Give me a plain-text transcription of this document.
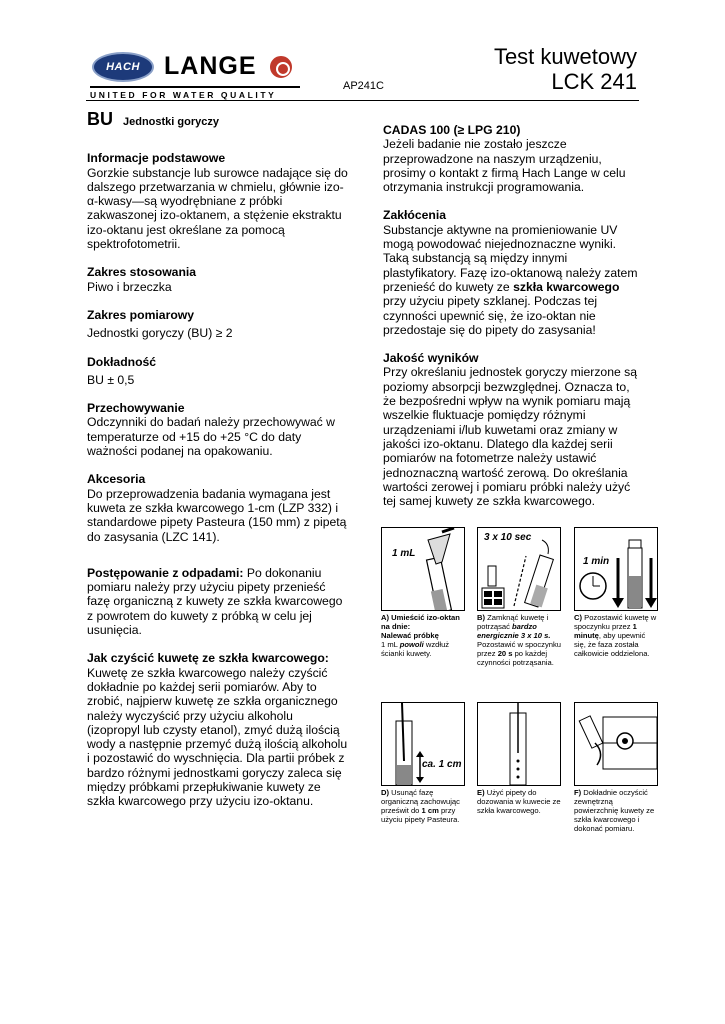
HACH LANGE
UNITED FOR WATER QUALITY
AP241C
Test kuwetowy
LCK 241
BU Jednostki goryczy
Informacje podstawowe

Gorzkie substancje lub surowce nadające się do dalszego przetwarzania w chmielu, głównie izo-α-kwasy—są wyodrębniane z próbki zakwaszonej izo-oktanem, a stężenie ekstraktu izo-oktanu jest określane za pomocą spektrofotometrii.

Zakres stosowania

Piwo i brzeczka

Zakres pomiarowy

Jednostki goryczy (BU) ≥ 2

Dokładność

BU ± 0,5

Przechowywanie

Odczynniki do badań należy przechowywać w temperaturze od +15 do +25 °C do daty ważności podanej na opakowaniu.

Akcesoria

Do przeprowadzenia badania wymagana jest kuweta ze szkła kwarcowego 1-cm (LZP 332) i standardowe pipety Pasteura (150 mm) z pipetą do zasysania (LZC 141).

Postępowanie z odpadami: Po dokonaniu pomiaru należy przy użyciu pipety przenieść fazę organiczną z kuwety ze szkła kwarcowego z powrotem do kuwety z próbką w celu jej usunięcia.

Jak czyścić kuwetę ze szkła kwarcowego:

Kuwetę ze szkła kwarcowego należy czyścić dokładnie po każdej serii pomiarów. Aby to zrobić, najpierw kuwetę ze szkła organicznego należy wyczyścić przy użyciu alkoholu (izopropyl lub czysty etanol), zmyć dużą ilością wody a następnie przemyć dużą ilością alkoholu i pozostawić do wyschnięcia. Dla partii próbek z bardzo różnymi jednostkami goryczy zaleca się między próbkami przepłukiwanie kuwety ze szkła kwarcowego przy użyciu izo-oktanu.

CADAS 100 (≥ LPG 210)

Jeżeli badanie nie zostało jeszcze przeprowadzone na naszym urządzeniu, prosimy o kontakt z firmą Hach Lange w celu otrzymania instrukcji programowania.

Zakłócenia

Substancje aktywne na promieniowanie UV mogą powodować niejednoznaczne wyniki. Taką substancją są między innymi plastyfikatory. Fazę izo-oktanową należy zatem przenieść do kuwety ze szkła kwarcowego przy użyciu pipety szklanej. Podczas tej czynności upewnić się, że izo-oktan nie przedostaje się do pipety do zasysania!

Jakość wyników

Przy określaniu jednostek goryczy mierzone są poziomy absorpcji bezwzględnej. Oznacza to, że bezpośredni wpływ na wynik pomiaru mają wszelkie fluktuacje pomiędzy różnymi urządzeniami i/lub kuwetami oraz zmiany w jakości izo-oktanu. Dlatego dla każdej serii pomiarów na fotometrze należy ustawić jednoznaczną wartość zerową. Do określania wartości zerowej i pomiaru próbki należy użyć tej samej kuwety ze szkła kwarcowego.

1 mL
A) Umieścić izo-oktan na dnie:
Nalewać próbkę
1 mL powoli wzdłuż ściankі kuwety.
3 x 10 sec
B) Zamknąć kuwetę i potrząsać bardzo energicznie 3 x 10 s. Pozostawić w spoczynku przez 20 s po każdej czynności potrząsania.
1 min
C) Pozostawić kuwetę w spoczynku przez 1 minutę, aby upewnić się, że faza została całkowicie oddzielona.
ca. 1 cm
D) Usunąć fazę organiczną zachowując prześwit do 1 cm przy użyciu pipety Pasteura.
E) Użyć pipety do dozowania w kuwecie ze szkła kwarcowego.
F) Dokładnie oczyścić zewnętrzną powierzchnię kuwety ze szkła kwarcowego i dokonać pomiaru.
